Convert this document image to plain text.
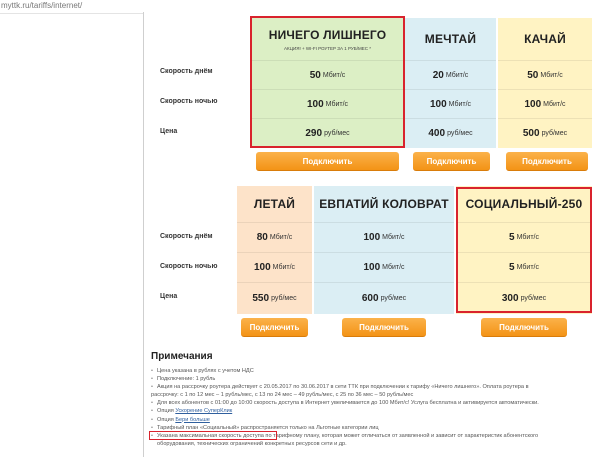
myttk.ru/tariffs/internet/
Скорость днём
Скорость ночью
Цена
НИЧЕГО ЛИШНЕГО
АКЦИЯ! + WI-FI РОУТЕР ЗА 1 РУБ/МЕС *
50 Мбит/с
100 Мбит/с
290 руб/мес
Подключить
МЕЧТАЙ
20 Мбит/с
100 Мбит/с
400 руб/мес
Подключить
КАЧАЙ
50 Мбит/с
100 Мбит/с
500 руб/мес
Подключить
Скорость днём
Скорость ночью
Цена
ЛЕТАЙ
80 Мбит/с
100 Мбит/с
550 руб/мес
Подключить
ЕВПАТИЙ КОЛОВРАТ
100 Мбит/с
100 Мбит/с
600 руб/мес
Подключить
СОЦИАЛЬНЫЙ-250
5 Мбит/с
5 Мбит/с
300 руб/мес
Подключить
Примечания
• Цена указана в рублях с учетом НДС
• Подключение: 1 рубль
• Акция на рассрочку роутера действует с 20.05.2017 по 30.06.2017 в сети ТТК при подключении к тарифу «Ничего лишнего». Оплата роутера в
рассрочку: с 1 по 12 мес – 1 рубль/мес, с 13 по 24 мес – 49 рубль/мес, с 25 по 36 мес – 50 рубль/мес
• Для всех абонентов с 01:00 до 10:00 скорость доступа в Интернет увеличивается до 100 Мбит/с! Услуга бесплатна и активируется автоматически.
• Опция Ускорение СуперКлик
• Опция Бери больше
• Тарифный план «Социальный» распространяется только на Льготные категории лиц
• Указана максимальная скорость доступа по тарифному плану, которая может отличаться от заявленной и зависит от характеристик абонентского
оборудования, технических ограничений конкретных ресурсов сети и др.
